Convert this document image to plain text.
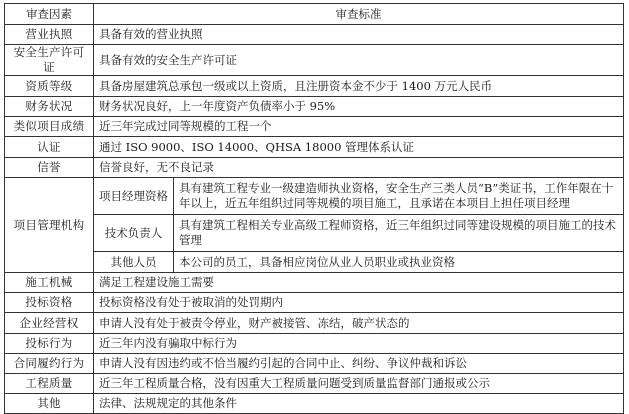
审查因素	审查标准	
营业执照	具备有效的营业执照	
安全生产许可证	具备有效的安全生产许可证	
资质等级	具备房屋建筑总承包一级或以上资质，且注册资本金不少于 1400 万元人民币	
财务状况	财务状况良好，上一年度资产负债率小于 95%	
类似项目成绩	近三年完成过同等规模的工程一个	
认证	通过 ISO 9000、ISO 14000、QHSA 18000 管理体系认证	
信誉	信誉良好，无不良记录	
项目管理机构	项目经理资格	具有建筑工程专业一级建造师执业资格，安全生产三类人员“B”类证书，工作年限在十年以上，近五年组织过同等规模的项目施工，且承诺在本项目上担任项目经理
	技术负责人	具有建筑工程相关专业高级工程师资格，近三年组织过同等建设规模的项目施工的技术管理
	其他人员	本公司的员工，具备相应岗位从业人员职业或执业资格
施工机械	满足工程建设施工需要	
投标资格	投标资格没有处于被取消的处罚期内	
企业经营权	申请人没有处于被责令停业，财产被接管、冻结，破产状态的	
投标行为	近三年内没有骗取中标行为	
合同履约行为	申请人没有因违约或不恰当履约引起的合同中止、纠纷、争议仲裁和诉讼	
工程质量	近三年工程质量合格，没有因重大工程质量问题受到质量监督部门通报或公示	
其他	法律、法规规定的其他条件	
